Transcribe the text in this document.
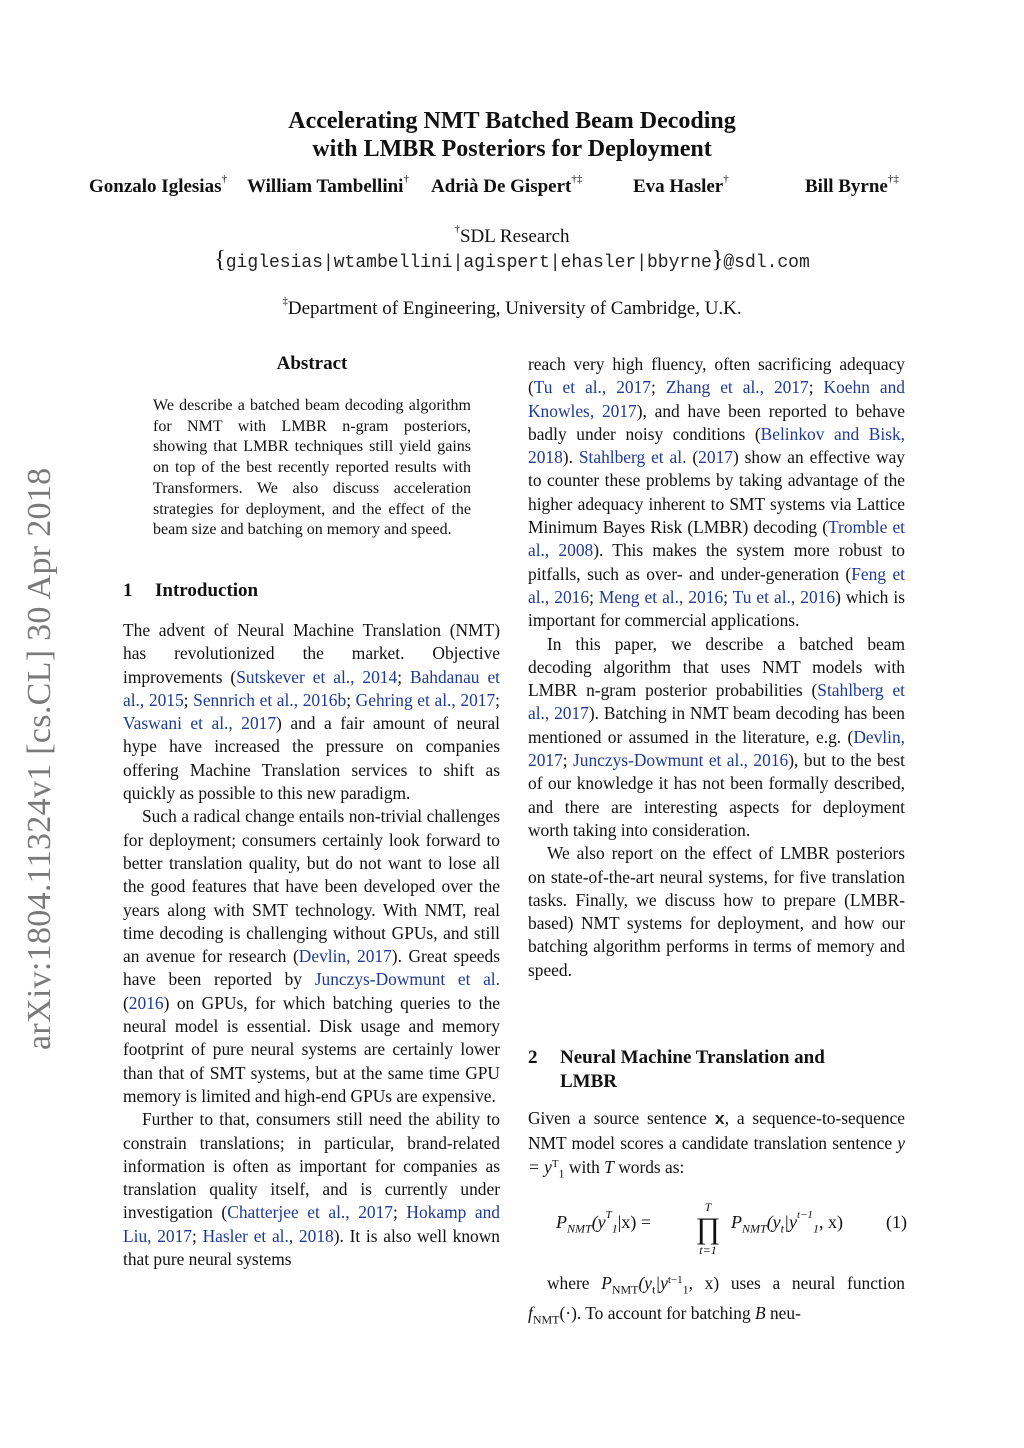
arXiv:1804.11324v1 [cs.CL] 30 Apr 2018
Accelerating NMT Batched Beam Decoding
with LMBR Posteriors for Deployment
Gonzalo Iglesias† William Tambellini† Adrià De Gispert†‡	Eva Hasler†	Bill Byrne†‡
†SDL Research
{giglesias|wtambellini|agispert|ehasler|bbyrne}@sdl.com
‡Department of Engineering, University of Cambridge, U.K.
Abstract
We describe a batched beam decoding algorithm for NMT with LMBR n-gram posteriors, showing that LMBR techniques still yield gains on top of the best recently reported results with Transformers. We also discuss acceleration strategies for deployment, and the effect of the beam size and batching on memory and speed.
1 Introduction

The advent of Neural Machine Translation (NMT) has revolutionized the market. Objective improvements (Sutskever et al., 2014; Bahdanau et al., 2015; Sennrich et al., 2016b; Gehring et al., 2017; Vaswani et al., 2017) and a fair amount of neural hype have increased the pressure on companies offering Machine Translation services to shift as quickly as possible to this new paradigm.

Such a radical change entails non-trivial challenges for deployment; consumers certainly look forward to better translation quality, but do not want to lose all the good features that have been developed over the years along with SMT technology. With NMT, real time decoding is challenging without GPUs, and still an avenue for research (Devlin, 2017). Great speeds have been reported by Junczys-Dowmunt et al. (2016) on GPUs, for which batching queries to the neural model is essential. Disk usage and memory footprint of pure neural systems are certainly lower than that of SMT systems, but at the same time GPU memory is limited and high-end GPUs are expensive.

Further to that, consumers still need the ability to constrain translations; in particular, brand-related information is often as important for companies as translation quality itself, and is currently under investigation (Chatterjee et al., 2017; Hokamp and Liu, 2017; Hasler et al., 2018). It is also well known that pure neural systems

reach very high fluency, often sacrificing adequacy (Tu et al., 2017; Zhang et al., 2017; Koehn and Knowles, 2017), and have been reported to behave badly under noisy conditions (Belinkov and Bisk, 2018). Stahlberg et al. (2017) show an effective way to counter these problems by taking advantage of the higher adequacy inherent to SMT systems via Lattice Minimum Bayes Risk (LMBR) decoding (Tromble et al., 2008). This makes the system more robust to pitfalls, such as over- and under-generation (Feng et al., 2016; Meng et al., 2016; Tu et al., 2016) which is important for commercial applications.

In this paper, we describe a batched beam decoding algorithm that uses NMT models with LMBR n-gram posterior probabilities (Stahlberg et al., 2017). Batching in NMT beam decoding has been mentioned or assumed in the literature, e.g. (Devlin, 2017; Junczys-Dowmunt et al., 2016), but to the best of our knowledge it has not been formally described, and there are interesting aspects for deployment worth taking into consideration.

We also report on the effect of LMBR posteriors on state-of-the-art neural systems, for five translation tasks. Finally, we discuss how to prepare (LMBR-based) NMT systems for deployment, and how our batching algorithm performs in terms of memory and speed.

2	Neural Machine Translation and LMBR

Given a source sentence x, a sequence-to-sequence NMT model scores a candidate translation sentence $y = y^T_1$ with T words as:

$P_{NMT}(y^T_1|x)$ =
T
∏
t=1
$P_{NMT}(y_t|y^{t-1}_1$, x) (1)

where $P_{NMT}(y_t|y^{t-1}_1$, x) uses a neural function $f_{NMT}(\cdot)$. To account for batching B neu-
